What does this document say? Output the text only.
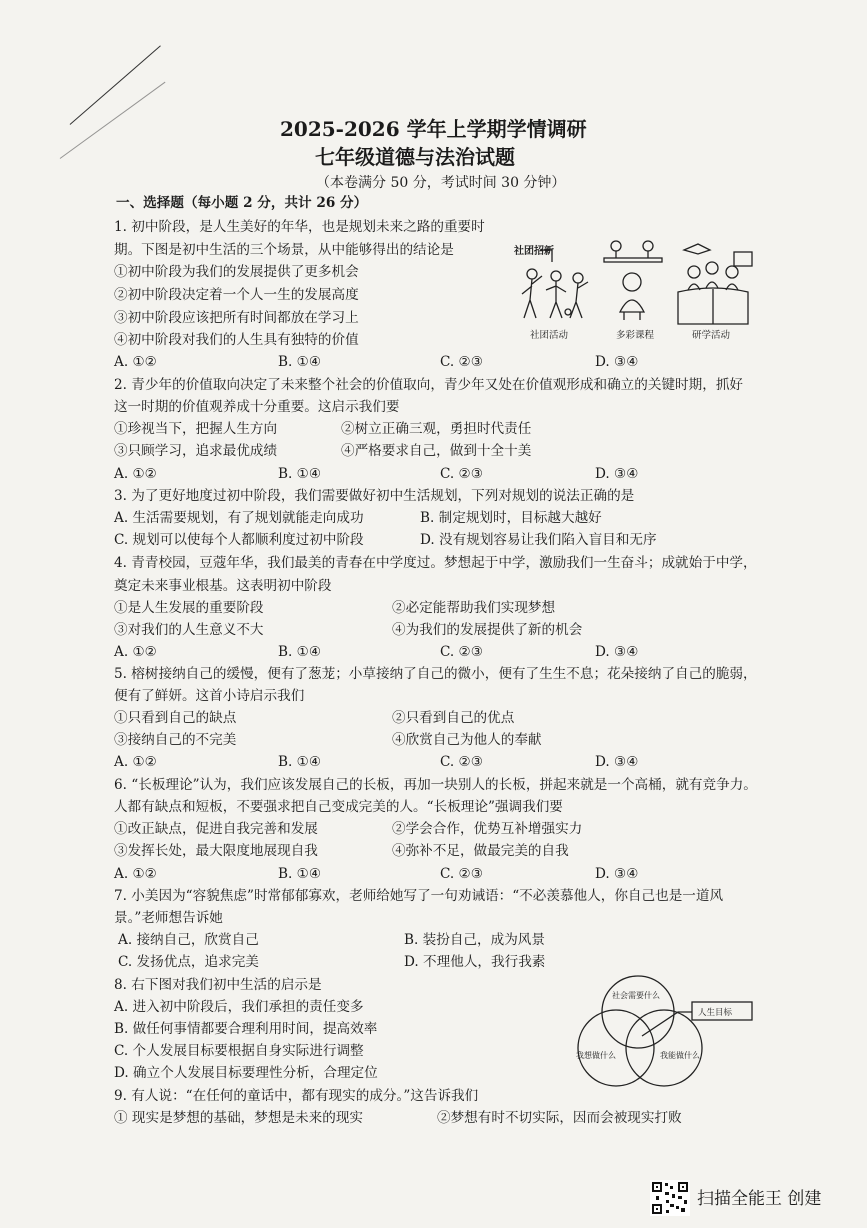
2025-2026 学年上学期学情调研
七年级道德与法治试题
（本卷满分 50 分，考试时间 30 分钟）
一、选择题（每小题 2 分，共计 26 分）
1. 初中阶段，是人生美好的年华，也是规划未来之路的重要时
期。下图是初中生活的三个场景，从中能够得出的结论是
①初中阶段为我们的发展提供了更多机会
②初中阶段决定着一个人一生的发展高度
③初中阶段应该把所有时间都放在学习上
④初中阶段对我们的人生具有独特的价值
A. ①②	B. ①④	C. ②③	D. ③④
社团招新
社团活动	多彩课程	研学活动
2. 青少年的价值取向决定了未来整个社会的价值取向，青少年又处在价值观形成和确立的关键时期，抓好
这一时期的价值观养成十分重要。这启示我们要
①珍视当下，把握人生方向	②树立正确三观，勇担时代责任
③只顾学习，追求最优成绩	④严格要求自己，做到十全十美
A. ①②	B. ①④	C. ②③	D. ③④
3. 为了更好地度过初中阶段，我们需要做好初中生活规划，下列对规划的说法正确的是
A. 生活需要规划，有了规划就能走向成功	B. 制定规划时，目标越大越好
C. 规划可以使每个人都顺利度过初中阶段	D. 没有规划容易让我们陷入盲目和无序
4. 青青校园，豆蔻年华，我们最美的青春在中学度过。梦想起于中学，激励我们一生奋斗；成就始于中学，
奠定未来事业根基。这表明初中阶段
①是人生发展的重要阶段	②必定能帮助我们实现梦想
③对我们的人生意义不大	④为我们的发展提供了新的机会
A. ①②	B. ①④	C. ②③	D. ③④
5. 榕树接纳自己的缓慢，便有了葱茏；小草接纳了自己的微小，便有了生生不息；花朵接纳了自己的脆弱，
便有了鲜妍。这首小诗启示我们
①只看到自己的缺点	②只看到自己的优点
③接纳自己的不完美	④欣赏自己为他人的奉献
A. ①②	B. ①④	C. ②③	D. ③④
6. “长板理论”认为，我们应该发展自己的长板，再加一块别人的长板，拼起来就是一个高桶，就有竞争力。
人都有缺点和短板，不要强求把自己变成完美的人。“长板理论”强调我们要
①改正缺点，促进自我完善和发展	②学会合作，优势互补增强实力
③发挥长处，最大限度地展现自我	④弥补不足，做最完美的自我
A. ①②	B. ①④	C. ②③	D. ③④
7. 小美因为“容貌焦虑”时常郁郁寡欢，老师给她写了一句劝诫语：“不必羡慕他人，你自己也是一道风
景。”老师想告诉她
A. 接纳自己，欣赏自己	B. 装扮自己，成为风景
C. 发扬优点，追求完美	D. 不理他人，我行我素
8. 右下图对我们初中生活的启示是
A. 进入初中阶段后，我们承担的责任变多
B. 做任何事情都要合理利用时间，提高效率
C. 个人发展目标要根据自身实际进行调整
D. 确立个人发展目标要理性分析，合理定位
社会需要什么
我想做什么	我能做什么
人生目标
9. 有人说：“在任何的童话中，都有现实的成分。”这告诉我们
① 现实是梦想的基础，梦想是未来的现实	②梦想有时不切实际，因而会被现实打败
扫描全能王 创建
